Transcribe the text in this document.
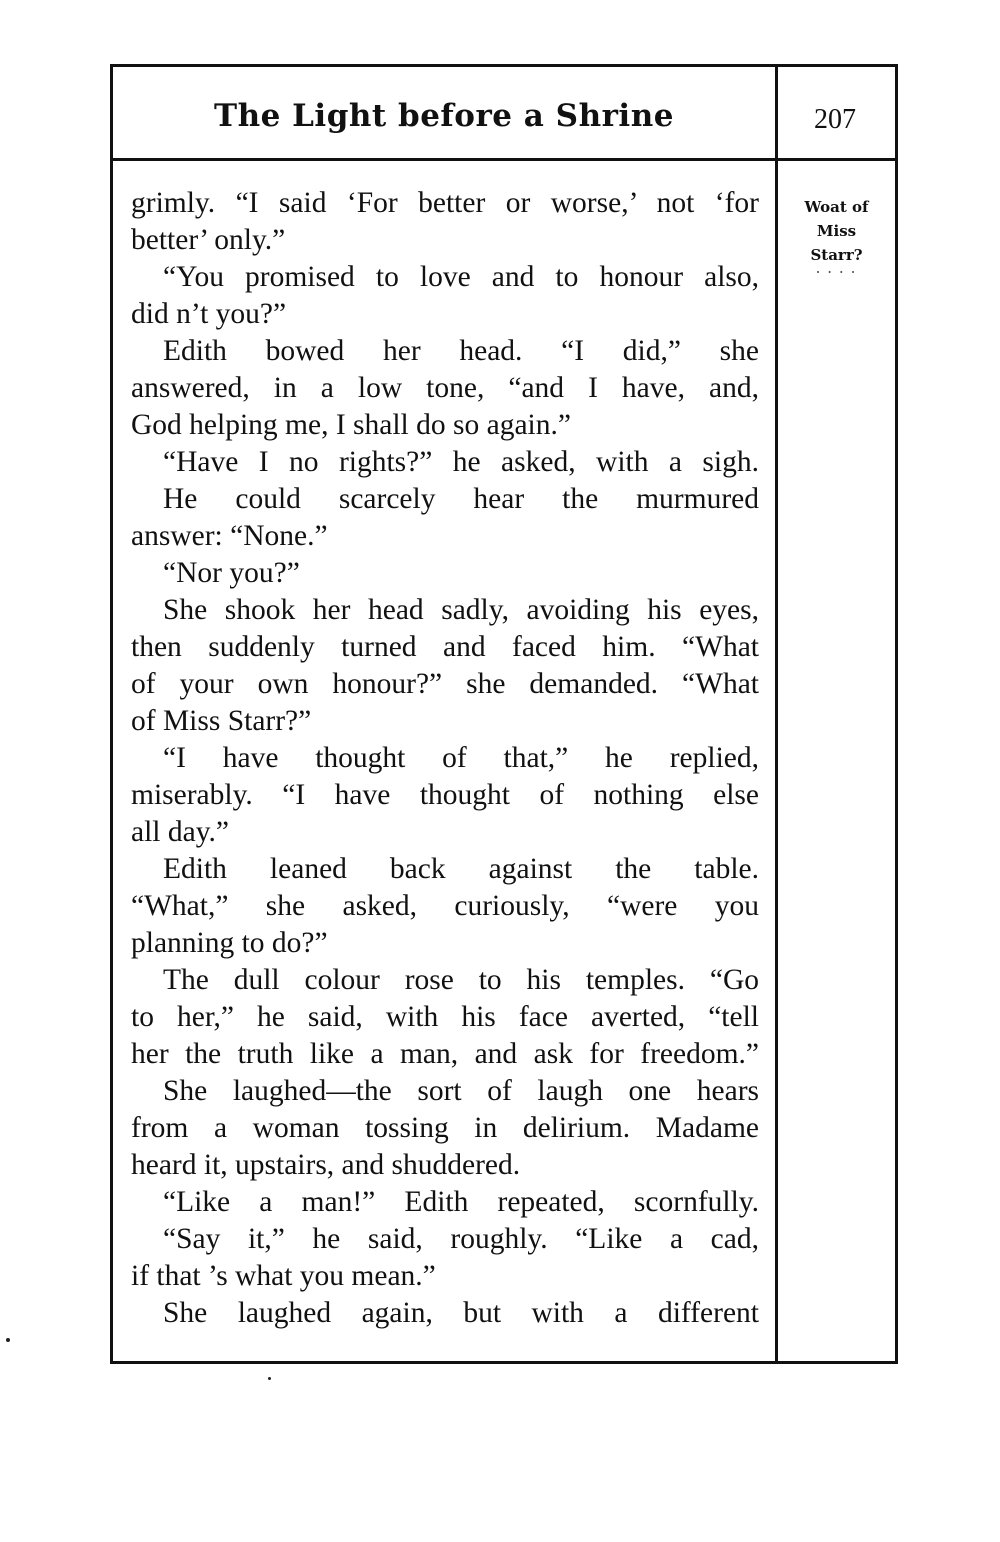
The Light before a Shrine	207
grimly. “I said ‘For better or worse,’ not ‘for
better’ only.”
“You promised to love and to honour also,
did n’t you?”
Edith bowed her head. “I did,” she
answered, in a low tone, “and I have, and,
God helping me, I shall do so again.”
“Have I no rights?” he asked, with a sigh.
He could scarcely hear the murmured
answer: “None.”
“Nor you?”
She shook her head sadly, avoiding his eyes,
then suddenly turned and faced him. “What
of your own honour?” she demanded. “What
of Miss Starr?”
“I have thought of that,” he replied,
miserably. “I have thought of nothing else
all day.”
Edith leaned back against the table.
“What,” she asked, curiously, “were you
planning to do?”
The dull colour rose to his temples. “Go
to her,” he said, with his face averted, “tell
her the truth like a man, and ask for freedom.”
She laughed—the sort of laugh one hears
from a woman tossing in delirium. Madame
heard it, upstairs, and shuddered.
“Like a man!” Edith repeated, scornfully.
“Say it,” he said, roughly. “Like a cad,
if that ’s what you mean.”
She laughed again, but with a different
Woat of
Miss
Starr?
. . . .
